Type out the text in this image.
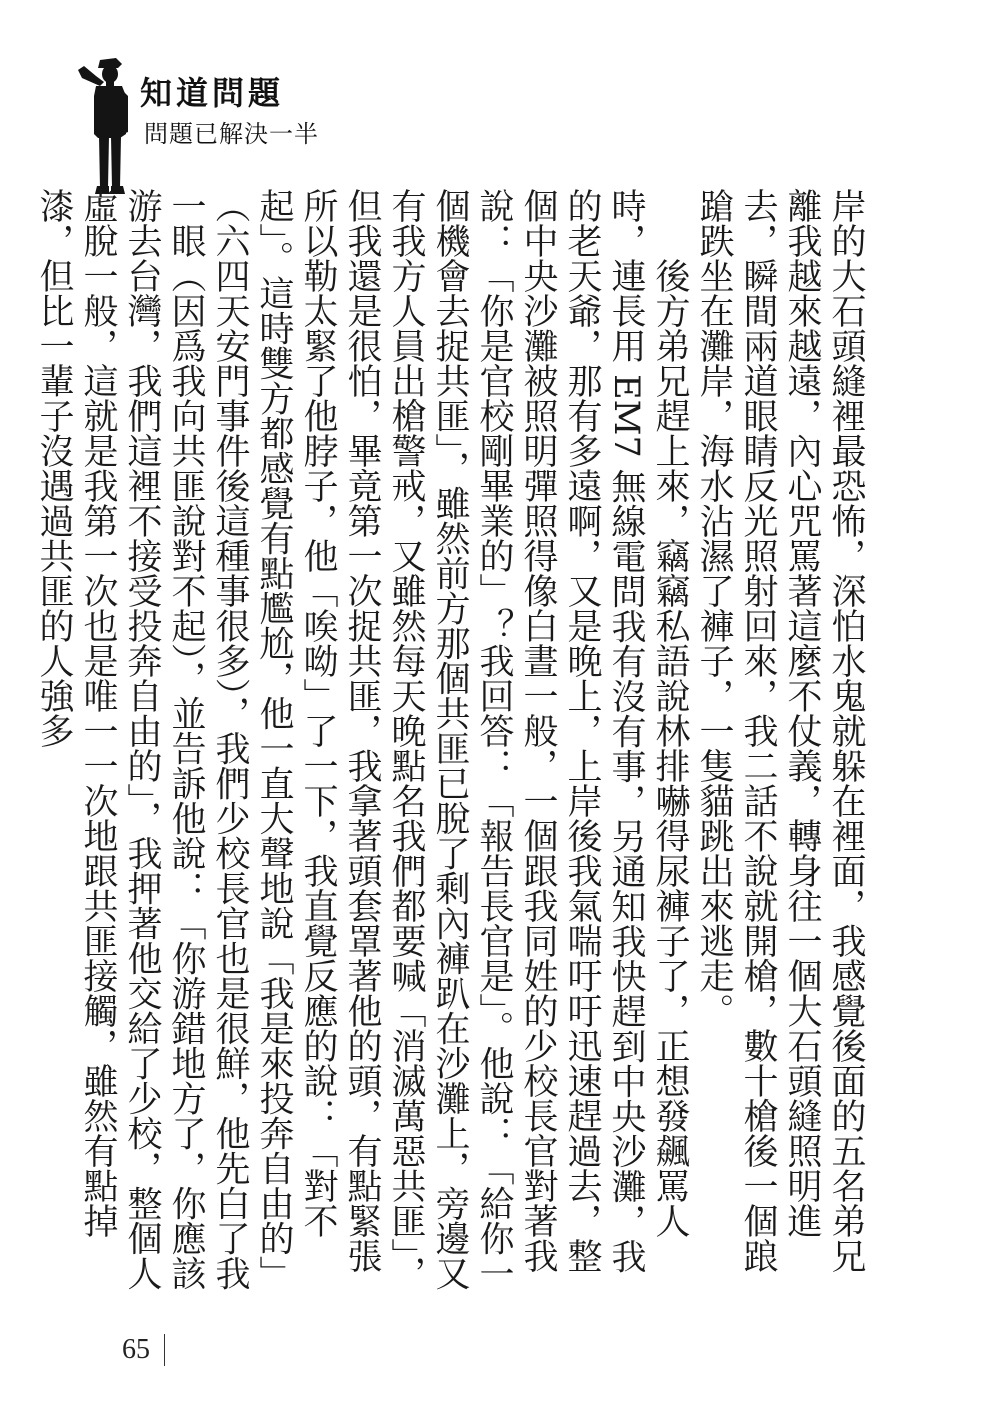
知道問題
問題已解決一半

岸的大石頭縫裡最恐怖，深怕水鬼就躲在裡面，我感覺後面的五名弟兄離我越來越遠，內心咒罵著這麼不仗義，轉身往一個大石頭縫照明進去，瞬間兩道眼睛反光照射回來，我二話不說就開槍，數十槍後一個踉蹌跌坐在灘岸，海水沾濕了褲子，一隻貓跳出來逃走。

後方弟兄趕上來，竊竊私語說林排嚇得尿褲子了，正想發飆罵人時，連長用 EM7 無線電問我有沒有事，另通知我快趕到中央沙灘，我的老天爺，那有多遠啊，又是晚上，上岸後我氣喘吁吁迅速趕過去，整個中央沙灘被照明彈照得像白晝一般，一個跟我同姓的少校長官對著我說：「你是官校剛畢業的」？我回答：「報告長官是」。他說：「給你一個機會去捉共匪」，雖然前方那個共匪已脫了剩內褲趴在沙灘上，旁邊又有我方人員出槍警戒，又雖然每天晚點名我們都要喊「消滅萬惡共匪」，但我還是很怕，畢竟第一次捉共匪，我拿著頭套罩著他的頭，有點緊張所以勒太緊了他脖子，他「唉呦」了一下，我直覺反應的說：「對不起」。這時雙方都感覺有點尷尬，他一直大聲地說「我是來投奔自由的」（六四天安門事件後這種事很多），我們少校長官也是很鮮，他先白了我一眼（因爲我向共匪說對不起），並告訴他說：「你游錯地方了，你應該游去台灣，我們這裡不接受投奔自由的」，我押著他交給了少校，整個人虛脫一般，這就是我第一次也是唯一一次地跟共匪接觸，雖然有點掉漆，但比一輩子沒遇過共匪的人強多

65
